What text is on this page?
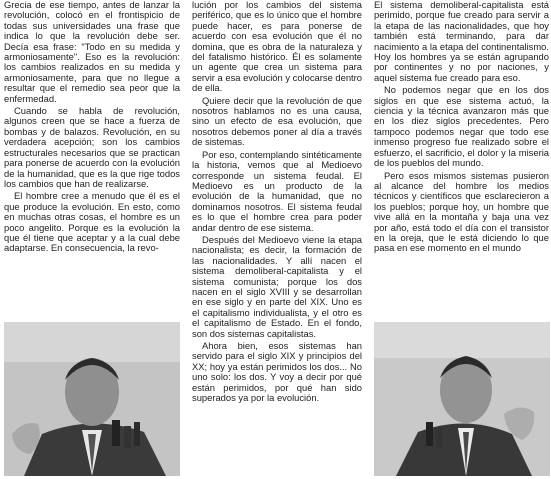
Grecia de ese tiempo, antes de lanzar la revolución, colocó en el frontispicio de todas sus universidades una frase que indica lo que la revolución debe ser. Decía esa frase: "Todo en su medida y armoniosamente". Eso es la revolución: los cambios realizados en su medida y armoniosamente, para que no llegue a resultar que el remedio sea peor que la enfermedad.

Cuando se habla de revolución, algunos creen que se hace a fuerza de bombas y de balazos. Revolución, en su verdadera acepción; son los cambios estructurales necesarios que se practican para ponerse de acuerdo con la evolución de la humanidad, que es la que rige todos los cambios que han de realizarse.

El hombre cree a menudo que él es el que produce la evolución. En esto, como en muchas otras cosas, el hombre es un poco angelito. Porque es la evolución la que él tiene que aceptar y a la cual debe adaptarse. En consecuencia, la revo-

lución por los cambios del sistema periférico, que es lo único que el hombre puede hacer, es para ponerse de acuerdo con esa evolución que él no domina, que es obra de la naturaleza y del fatalismo histórico. Él es solamente un agente que crea un sistema para servir a esa evolución y colocarse dentro de ella.

Quiere decir que la revolución de que nosotros hablamos no es una causa, sino un efecto de esa evolución, que nosotros debemos poner al día a través de sistemas.

Por eso, contemplando sintéticamente la historia, vemos que al Medioevo corresponde un sistema feudal. El Medioevo es un producto de la evolución de la humanidad, que no dominamos nosotros. El sistema feudal es lo que el hombre crea para poder andar dentro de ese sistema.

Después del Medioevo viene la etapa nacionalista; es decir, la formación de las nacionalidades. Y allí nacen el sistema demoliberal-capitalista y el sistema comunista; porque los dos nacen en el siglo XVIII y se desarrollan en ese siglo y en parte del XIX. Uno es el capitalismo individualista, y el otro es el capitalismo de Estado. En el fondo, son dos sistemas capitalistas.

Ahora bien, esos sistemas han servido para el siglo XIX y principios del XX; hoy ya están perimidos los dos... No uno solo: los dos. Y voy a decir por qué están perimidos, por qué han sido superados ya por la evolución.

El sistema demoliberal-capitalista está perimido, porque fue creado para servir a la etapa de las nacionalidades, que hoy también está terminando, para dar nacimiento a la etapa del continentalismo. Hoy los hombres ya se están agrupando por continentes y no por naciones, y aquel sistema fue creado para eso.

No podemos negar que en los dos siglos en que ese sistema actuó, la ciencia y la técnica avanzaron más que en los diez siglos precedentes. Pero tampoco podemos negar que todo ese inmenso progreso fue realizado sobre el esfuerzo, el sacrificio, el dolor y la miseria de los pueblos del mundo.

Pero esos mismos sistemas pusieron al alcance del hombre los medios técnicos y científicos que esclarecieron a los pueblos; porque hoy, un hombre que vive allá en la montaña y baja una vez por año, está todo el día con el transistor en la oreja, que le está diciendo lo que pasa en ese momento en el mundo
